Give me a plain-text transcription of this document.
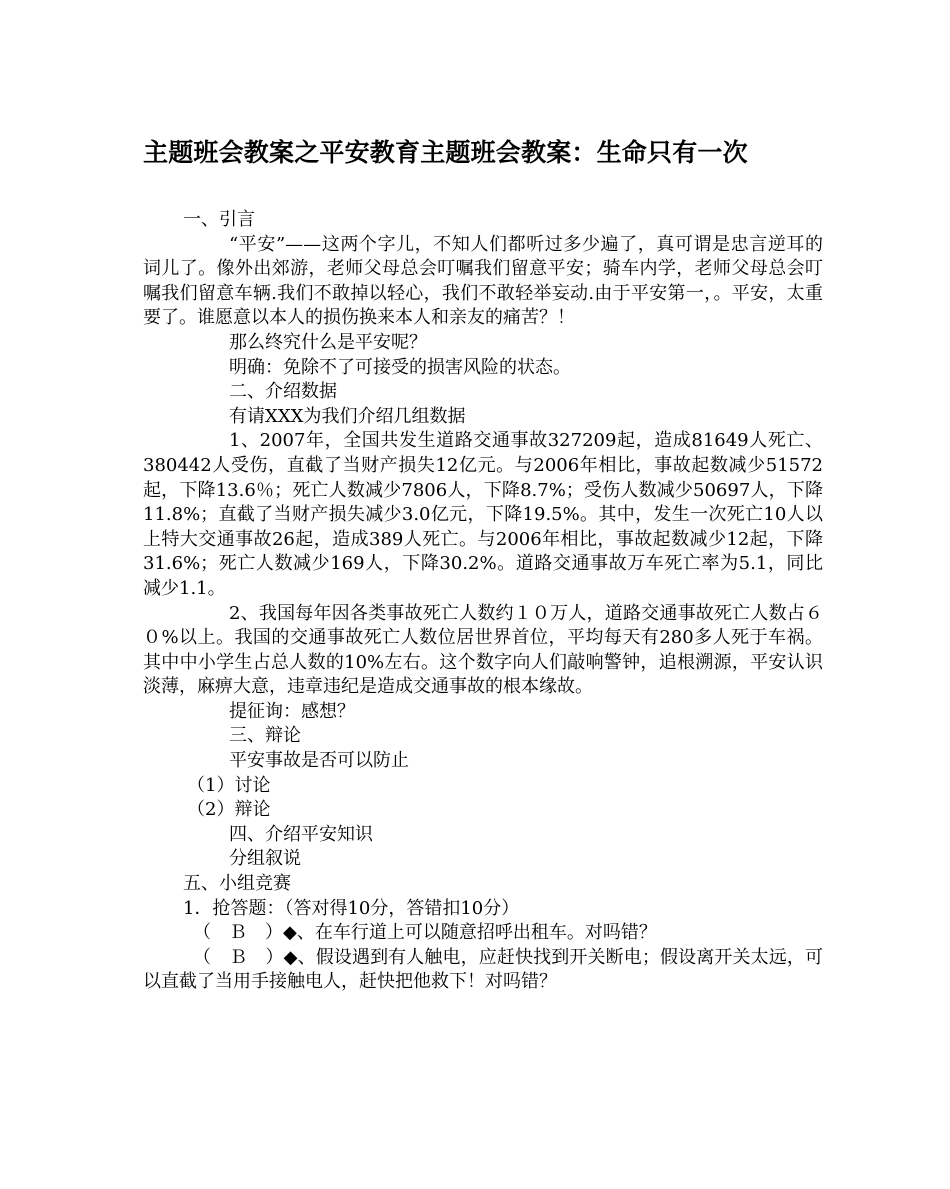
主题班会教案之平安教育主题班会教案：生命只有一次

一、引言

“平安”——这两个字儿，不知人们都听过多少遍了，真可谓是忠言逆耳的词儿了。像外出郊游，老师父母总会叮嘱我们留意平安；骑车内学，老师父母总会叮嘱我们留意车辆.我们不敢掉以轻心，我们不敢轻举妄动.由于平安第一，。平安，太重要了。谁愿意以本人的损伤换来本人和亲友的痛苦？！

那么终究什么是平安呢？

明确：免除不了可接受的损害风险的状态。

二、介绍数据

有请XXX为我们介绍几组数据

1、2007年，全国共发生道路交通事故327209起，造成81649人死亡、380442人受伤，直截了当财产损失12亿元。与2006年相比，事故起数减少51572起，下降13.6％；死亡人数减少7806人，下降8.7%；受伤人数减少50697人，下降11.8%；直截了当财产损失减少3.0亿元，下降19.5%。其中，发生一次死亡10人以上特大交通事故26起，造成389人死亡。与2006年相比，事故起数减少12起，下降31.6%；死亡人数减少169人，下降30.2%。道路交通事故万车死亡率为5.1，同比减少1.1。

2、我国每年因各类事故死亡人数约１０万人，道路交通事故死亡人数占６０%以上。我国的交通事故死亡人数位居世界首位，平均每天有280多人死于车祸。其中中小学生占总人数的10%左右。这个数字向人们敲响警钟，追根溯源，平安认识淡薄，麻痹大意，违章违纪是造成交通事故的根本缘故。

提征询：感想？

三、辩论

平安事故是否可以防止

（1）讨论

（2）辩论

四、介绍平安知识

分组叙说

五、小组竞赛

1．抢答题：（答对得10分，答错扣10分）

（　Ｂ　）◆、在车行道上可以随意招呼出租车。对吗错？

（　Ｂ　）◆、假设遇到有人触电，应赶快找到开关断电；假设离开关太远，可以直截了当用手接触电人，赶快把他救下！对吗错？
